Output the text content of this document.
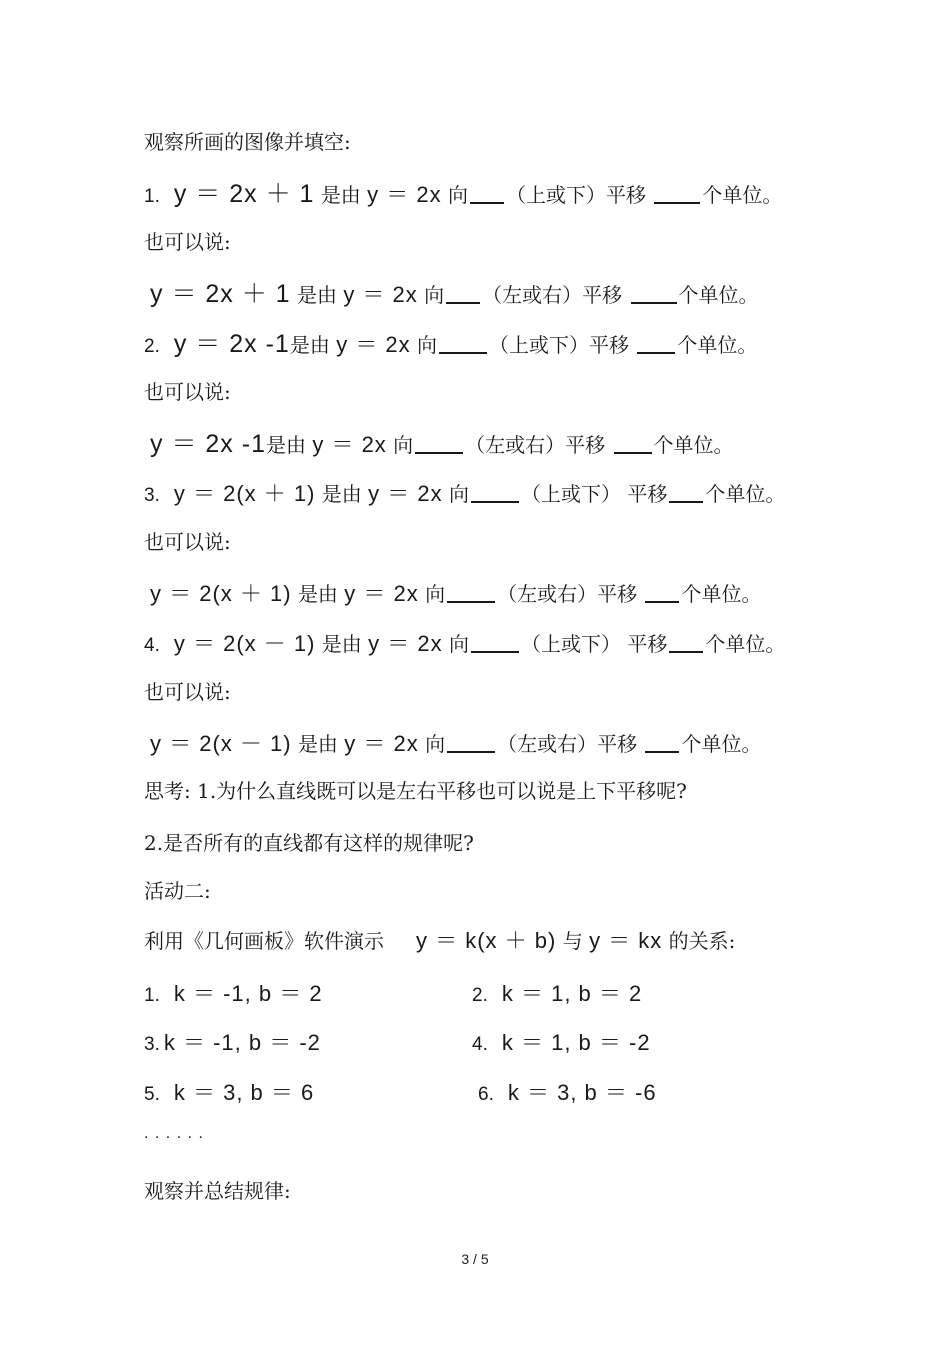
观察所画的图像并填空:
1. y ＝ 2x ＋ 1 是由 y ＝ 2x 向 （上或下）平移	个单位。
也可以说:
y ＝ 2x ＋ 1 是由 y ＝ 2x 向 （左或右）平移	个单位。
2. y ＝ 2x -1是由 y ＝ 2x 向	（上或下）平移 个单位。
也可以说:
y ＝ 2x -1是由 y ＝ 2x 向	（左或右）平移 个单位。
3. y ＝ 2(x ＋ 1) 是由 y ＝ 2x 向	（上或下） 平移 个单位。
也可以说:
y ＝ 2(x ＋ 1) 是由 y ＝ 2x 向	（左或右）平移 个单位。
4. y ＝ 2(x － 1) 是由 y ＝ 2x 向	（上或下） 平移 个单位。
也可以说:
y ＝ 2(x － 1) 是由 y ＝ 2x 向	（左或右）平移 个单位。
思考: 1.为什么直线既可以是左右平移也可以说是上下平移呢?
2.是否所有的直线都有这样的规律呢?
活动二:
利用《几何画板》软件演示 y ＝ k(x ＋ b) 与 y ＝ kx 的关系:
1. k ＝ -1, b ＝ 2	2. k ＝ 1, b ＝ 2
3. k ＝ -1, b ＝ -2	4. k ＝ 1, b ＝ -2
5. k ＝ 3, b ＝ 6	6. k ＝ 3, b ＝ -6
· · · · · ·
观察并总结规律:
3 / 5
